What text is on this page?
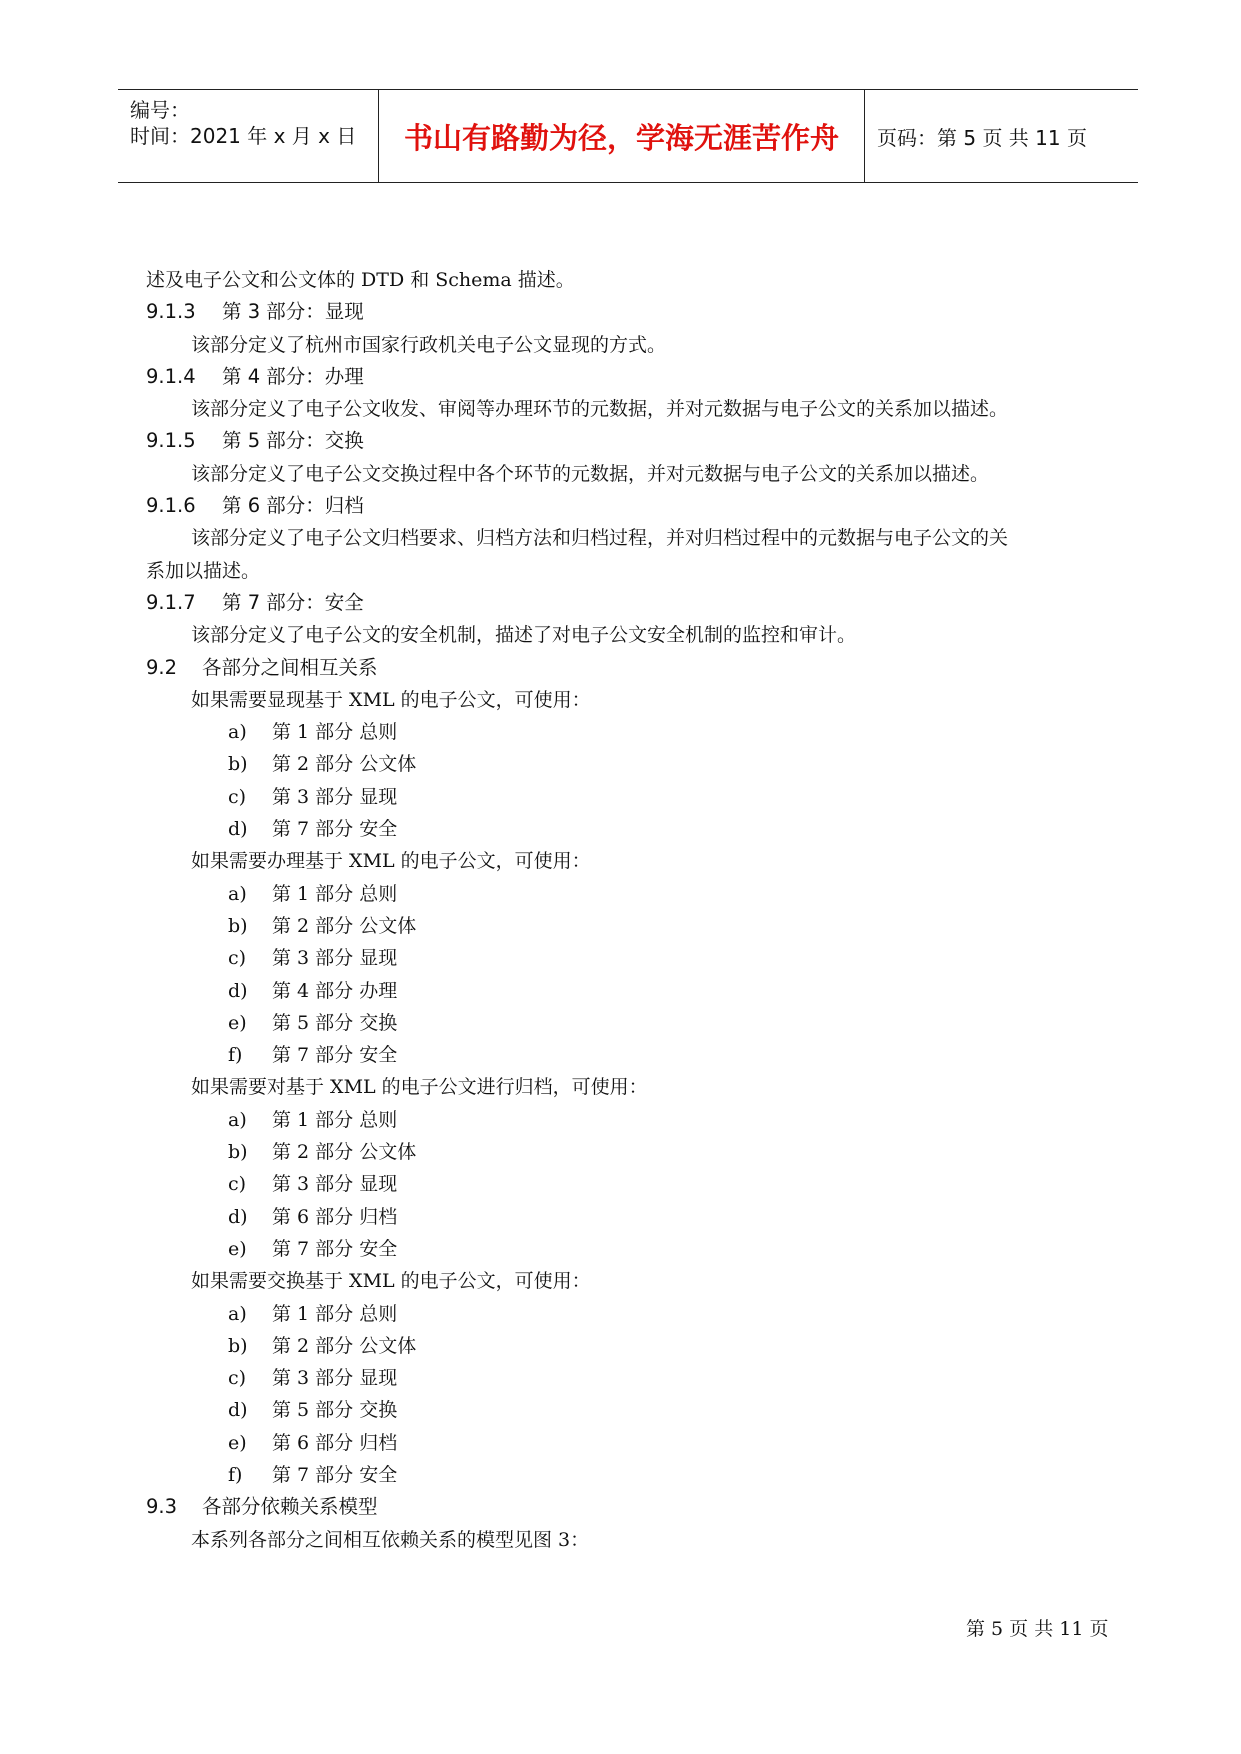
编号：
时间：2021 年 x 月 x 日	书山有路勤为径，学海无涯苦作舟	页码：第 5 页 共 11 页
述及电子公文和公文体的 DTD 和 Schema 描述。
9.1.3 第 3 部分：显现
该部分定义了杭州市国家行政机关电子公文显现的方式。
9.1.4 第 4 部分：办理
该部分定义了电子公文收发、审阅等办理环节的元数据，并对元数据与电子公文的关系加以描述。
9.1.5 第 5 部分：交换
该部分定义了电子公文交换过程中各个环节的元数据，并对元数据与电子公文的关系加以描述。
9.1.6 第 6 部分：归档
该部分定义了电子公文归档要求、归档方法和归档过程，并对归档过程中的元数据与电子公文的关
系加以描述。
9.1.7 第 7 部分：安全
该部分定义了电子公文的安全机制，描述了对电子公文安全机制的监控和审计。
9.2 各部分之间相互关系
如果需要显现基于 XML 的电子公文，可使用：
a) 第 1 部分 总则
b) 第 2 部分 公文体
c) 第 3 部分 显现
d) 第 7 部分 安全
如果需要办理基于 XML 的电子公文，可使用：
a) 第 1 部分 总则
b) 第 2 部分 公文体
c) 第 3 部分 显现
d) 第 4 部分 办理
e) 第 5 部分 交换
f) 第 7 部分 安全
如果需要对基于 XML 的电子公文进行归档，可使用：
a) 第 1 部分 总则
b) 第 2 部分 公文体
c) 第 3 部分 显现
d) 第 6 部分 归档
e) 第 7 部分 安全
如果需要交换基于 XML 的电子公文，可使用：
a) 第 1 部分 总则
b) 第 2 部分 公文体
c) 第 3 部分 显现
d) 第 5 部分 交换
e) 第 6 部分 归档
f) 第 7 部分 安全
9.3 各部分依赖关系模型
本系列各部分之间相互依赖关系的模型见图 3：
第 5 页 共 11 页
